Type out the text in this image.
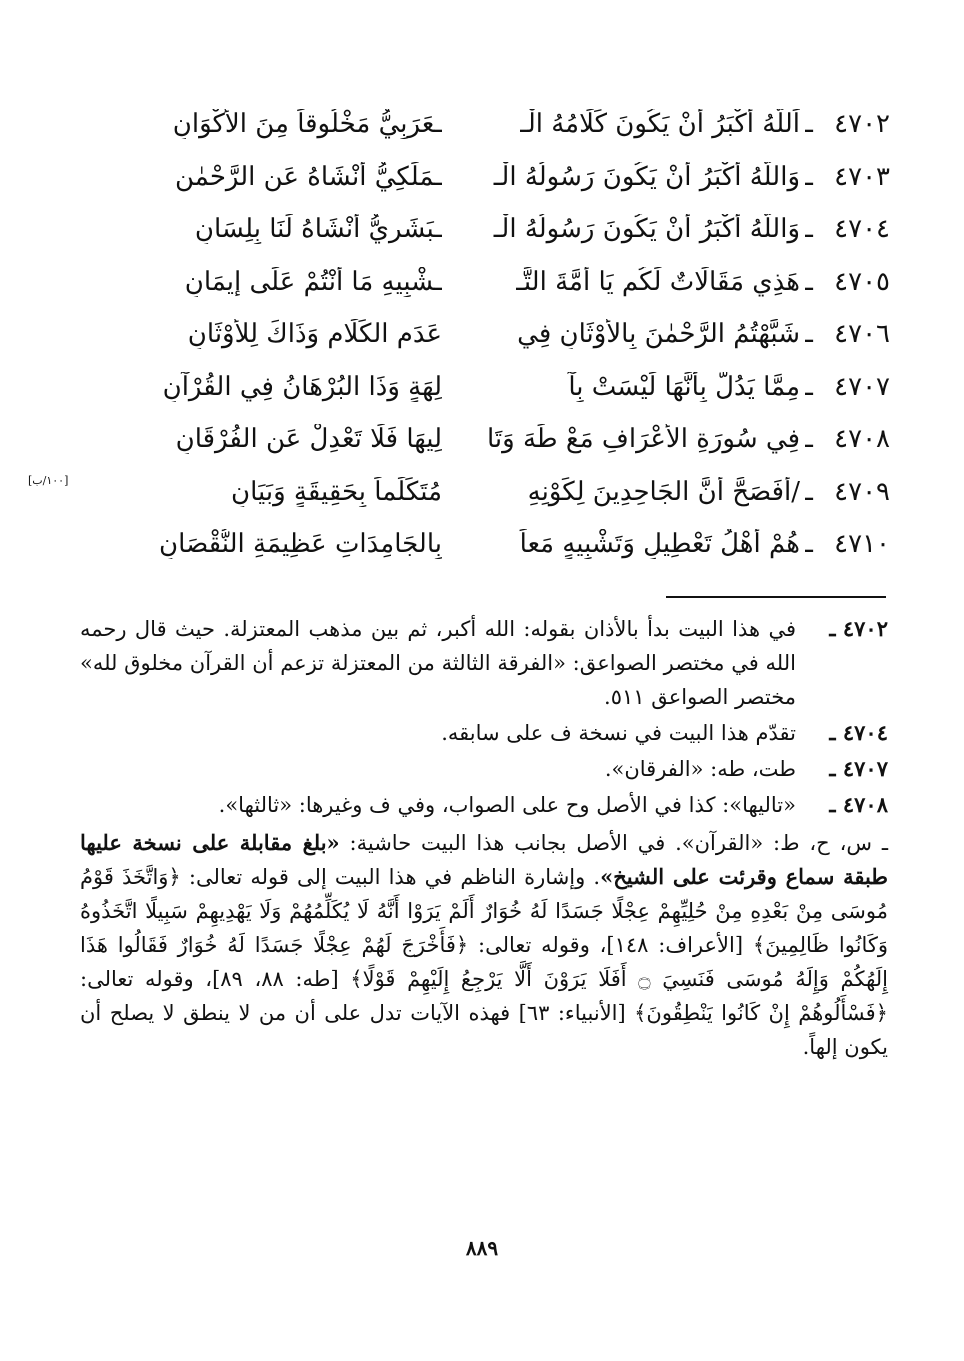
٤٧٠٢
ـ
اَللَّهُ أَكْبَرُ أَنْ يَكُونَ كَلَامُهُ الْـ
ـعَرَبِيُّ مَخْلُوقاً مِنَ الأَكْوَانِ
٤٧٠٣
ـ
وَاللَّهُ أَكْبَرُ أَنْ يَكُونَ رَسُولُهُ الْـ
ـمَلَكِيُّ أَنْشَاهُ عَنِ الرَّحْمٰنِ
٤٧٠٤
ـ
وَاللَّهُ أَكْبَرُ أَنْ يَكُونَ رَسُولُهُ الْـ
ـبَشَرِيُّ أَنْشَاهُ لَنَا بِلِسَانِ
٤٧٠٥
ـ
هَذِي مَقَالَاتٌ لَكُم يَا أُمَّةَ التَّـ
ـشْبِيهِ مَا أَنْتُمْ عَلَى إِيمَانِ
٤٧٠٦
ـ
شَبَّهْتُمُ الرَّحْمٰنَ بِالأَوْثَانِ فِي
عَدَمِ الكَلَامِ وَذَاكَ لِلأَوْثَانِ
٤٧٠٧
ـ
مِمَّا يَدُلُّ بِأَنَّهَا لَيْسَتْ بِآ
لِهَةٍ وَذَا البُرْهَانُ فِي القُرْآنِ
٤٧٠٨
ـ
فِي سُورَةِ الأَعْرَافِ مَعْ طَهَ وَتَا
لِيهَا فَلَا تَعْدِلْ عَنِ الفُرْقَانِ
٤٧٠٩
ـ
/أَفَصَحَّ أَنَّ الجَاحِدِينَ لِكَوْنِهِ
مُتَكَلِّماً بِحَقِيقَةٍ وَبَيَانِ
[١٠٠/ب]
٤٧١٠
ـ
هُمْ أَهْلُ تَعْطِيلٍ وَتَشْبِيهٍ مَعاً
بِالجَامِدَاتِ عَظِيمَةِ النُّقْصَانِ
٤٧٠٢ ـ
في هذا البيت بدأ بالأذان بقوله: الله أكبر، ثم بين مذهب المعتزلة. حيث قال رحمه الله في مختصر الصواعق: «الفرقة الثالثة من المعتزلة تزعم أن القرآن مخلوق لله» مختصر الصواعق ٥١١.
٤٧٠٤ ـ
تقدّم هذا البيت في نسخة ف على سابقه.
٤٧٠٧ ـ
طت، طه: «الفرقان».
٤٧٠٨ ـ
«تاليها»: كذا في الأصل وح على الصواب، وفي ف وغيرها: «ثالثها».
ـ س، ح، ط: «القرآن». في الأصل بجانب هذا البيت حاشية: «بلغ مقابلة على نسخة عليها طبقة سماع وقرئت على الشيخ». وإشارة الناظم في هذا البيت إلى قوله تعالى: ﴿وَاتَّخَذَ قَوْمُ مُوسَى مِنْ بَعْدِهِ مِنْ حُلِيِّهِمْ عِجْلًا جَسَدًا لَهُ خُوَارٌ أَلَمْ يَرَوْا أَنَّهُ لَا يُكَلِّمُهُمْ وَلَا يَهْدِيهِمْ سَبِيلًا اتَّخَذُوهُ وَكَانُوا ظَالِمِينَ﴾ [الأعراف: ١٤٨]، وقوله تعالى: ﴿فَأَخْرَجَ لَهُمْ عِجْلًا جَسَدًا لَهُ خُوَارٌ فَقَالُوا هَذَا إِلَهُكُمْ وَإِلَهُ مُوسَى فَنَسِيَ ۝ أَفَلَا يَرَوْنَ أَلَّا يَرْجِعُ إِلَيْهِمْ قَوْلًا﴾ [طه: ٨٨، ٨٩]، وقوله تعالى: ﴿فَسْأَلُوهُمْ إِنْ كَانُوا يَنْطِقُونَ﴾ [الأنبياء: ٦٣] فهذه الآيات تدل على أن من لا ينطق لا يصلح أن يكون إلهاً.
٨٨٩
